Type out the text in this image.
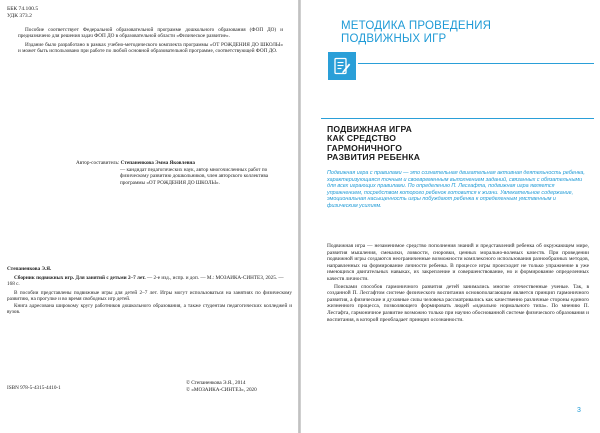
ББК 74.100.5
УДК 373.2

Пособие соответствует Федеральной образовательной программе дошкольного образования (ФОП ДО) и предназначено для решения задач ФОП ДО в образовательной области «Физическое развитие».

Издание было разработано в рамках учебно-методического комплекта программы «ОТ РОЖДЕНИЯ ДО ШКОЛЫ» и может быть использовано при работе по любой основной образовательной программе, соответствующей ФОП ДО.

Автор-составитель: Степаненкова Эмма Яковлевна
— кандидат педагогических наук, автор многочисленных работ по физическому развитию дошкольников, член авторского коллектива программы «ОТ РОЖДЕНИЯ ДО ШКОЛЫ».
Степаненкова Э.Я.

Сборник подвижных игр. Для занятий с детьми 2–7 лет. — 2-е изд., испр. и доп. — М.: МОЗАИКА-СИНТЕЗ, 2025. — 168 с.

В пособии представлены подвижные игры для детей 2–7 лет. Игры могут использоваться на занятиях по физическому развитию, на прогулке и во время свободных игр детей.

Книга адресована широкому кругу работников дошкольного образования, а также студентам педагогических колледжей и вузов.

ISBN 978-5-4315-4410-1
© Степаненкова Э.Я., 2014
© «МОЗАИКА-СИНТЕЗ», 2020
МЕТОДИКА ПРОВЕДЕНИЯ
ПОДВИЖНЫХ ИГР
ПОДВИЖНАЯ ИГРА
КАК СРЕДСТВО
ГАРМОНИЧНОГО
РАЗВИТИЯ РЕБЕНКА
Подвижная игра с правилами — это сознательная двигательная активная деятельность ребенка, характеризующаяся точным и своевременным выполнением заданий, связанных с обязательными для всех играющих правилами. По определению П. Лесгафта, подвижная игра является упражнением, посредством которого ребенок готовится к жизни. Увлекательное содержание, эмоциональная насыщенность игры побуждают ребенка к определенным умственным и физическим усилиям.

Подвижная игра — незаменимое средство пополнения знаний и представлений ребенка об окружающем мире, развития мышления, смекалки, ловкости, сноровки, ценных морально-волевых качеств. При проведении подвижной игры создаются неограниченные возможности комплексного использования разнообразных методов, направленных на формирование личности ребенка. В процессе игры происходит не только упражнение в уже имеющихся двигательных навыках, их закрепление и совершенствование, но и формирование определенных качеств личности.

Поисками способов гармоничного развития детей занимались многие отечественные ученые. Так, в созданной П. Лесгафтом системе физического воспитания основополагающим является принцип гармоничного развития, а физические и духовные силы человека рассматривались как качественно различные стороны единого жизненного процесса, позволяющего формировать людей «идеально нормального типа». По мнению П. Лесгафта, гармоничное развитие возможно только при научно обоснованной системе физического образования и воспитания, в которой преобладает принцип осознанности.

3
